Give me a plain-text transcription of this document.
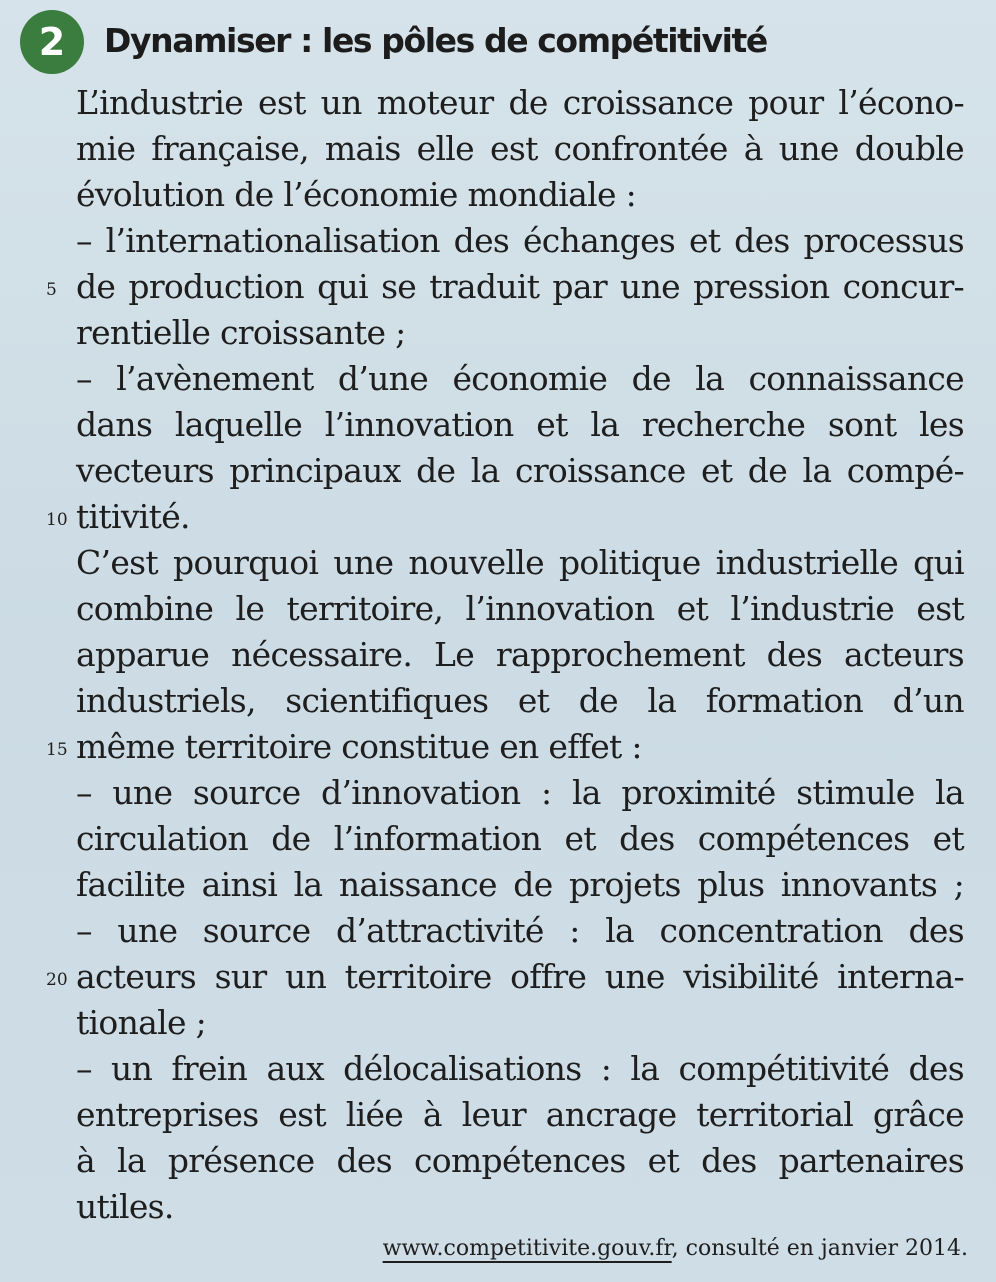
2	Dynamiser : les pôles de compétitivité
L’industrie est un moteur de croissance pour l’écono-
mie française, mais elle est confrontée à une double
évolution de l’économie mondiale :
– l’internationalisation des échanges et des processus
de production qui se traduit par une pression concur-
rentielle croissante ;
– l’avènement d’une économie de la connaissance
dans laquelle l’innovation et la recherche sont les
vecteurs principaux de la croissance et de la compé-
titivité.
C’est pourquoi une nouvelle politique industrielle qui
combine le territoire, l’innovation et l’industrie est
apparue nécessaire. Le rapprochement des acteurs
industriels, scientifiques et de la formation d’un
même territoire constitue en effet :
– une source d’innovation : la proximité stimule la
circulation de l’information et des compétences et
facilite ainsi la naissance de projets plus innovants ;
– une source d’attractivité : la concentration des
acteurs sur un territoire offre une visibilité interna-
tionale ;
– un frein aux délocalisations : la compétitivité des
entreprises est liée à leur ancrage territorial grâce
à la présence des compétences et des partenaires
utiles.
5
10
15
20
www.competitivite.gouv.fr, consulté en janvier 2014.
